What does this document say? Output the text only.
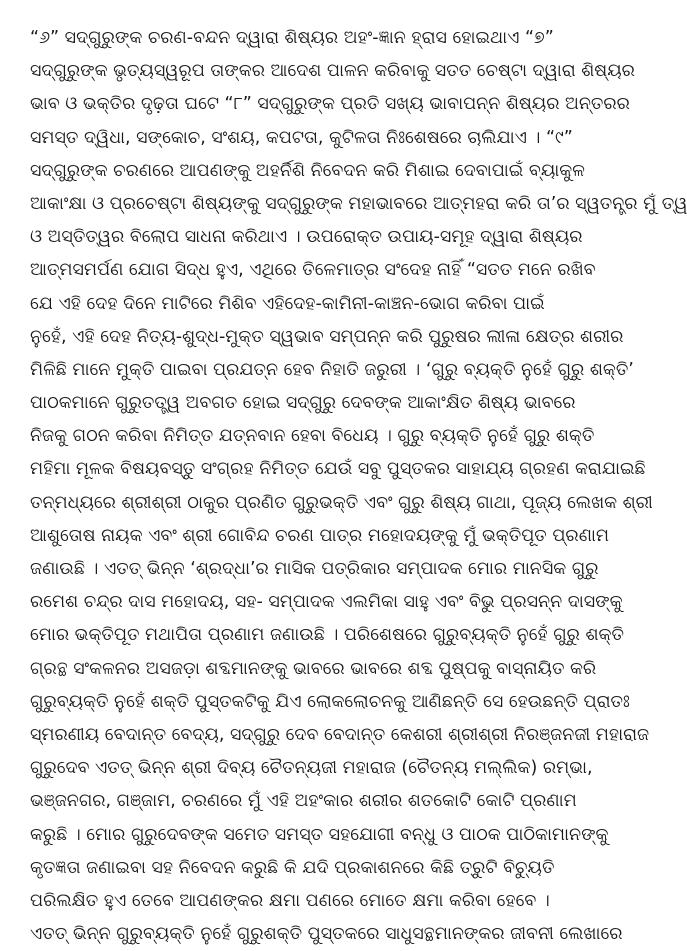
“୬” ସଦ୍‌ଗୁରୁଙ୍କ ଚରଣ-ବନ୍ଦନ ଦ୍ୱାରା ଶିଷ୍ୟର ଅହଂ-ଜ୍ଞାନ ହ୍ରାସ ହୋଇଥାଏ “୭”
ସଦ୍‌ଗୁରୁଙ୍କ ଭୃତ୍ୟସ୍ୱରୂପ ତାଙ୍କର ଆଦେଶ ପାଳନ କରିବାକୁ ସତତ ଚେଷ୍ଟା ଦ୍ୱାରା ଶିଷ୍ୟର
ଭାବ ଓ ଭକ୍ତିର ଦୃଢ଼ତା ଘଟେ “୮” ସଦ୍‌ଗୁରୁଙ୍କ ପ୍ରତି ସଖ୍ୟ ଭାବାପନ୍ନ ଶିଷ୍ୟର ଅନ୍ତରର
ସମସ୍ତ ଦ୍ୱିଧା, ସଙ୍କୋଚ, ସଂଶୟ, କପଟତା, କୁଟିଳତା ନିଃଶେଷରେ ଚାଲିଯାଏ । “୯”
ସଦ୍‌ଗୁରୁଙ୍କ ଚରଣରେ ଆପଣଙ୍କୁ ଅହର୍ନିଶି ନିବେଦନ କରି ମିଶାଇ ଦେବାପାଇଁ ବ୍ୟାକୁଳ
ଆକାଂକ୍ଷା ଓ ପ୍ରଚେଷ୍ଟା ଶିଷ୍ୟଙ୍କୁ ସଦ୍‌ଗୁରୁଙ୍କ ମହାଭାବରେ ଆତ୍ମହରା କରି ତା’ର ସ୍ୱତନ୍ତ୍ର ମୁଁ ତ୍ୱ
ଓ ଅସ୍ତିତ୍ୱର ବିଲୋପ ସାଧନା କରିଥାଏ । ଉପରୋକ୍ତ ଉପାୟ-ସମୂହ ଦ୍ୱାରା ଶିଷ୍ୟର
ଆତ୍ମସମର୍ପଣ ଯୋଗ ସିଦ୍ଧ ହୁଏ, ଏଥିରେ ତିଳେମାତ୍ର ସଂଦେହ ନାହିଁ “ସତତ ମନେ ରଖିବ
ଯେ ଏହି ଦେହ ଦିନେ ମାଟିରେ ମିଶିବ ଏହିଦେହ-କାମିନୀ-କାଞ୍ଚନ-ଭୋଗ କରିବା ପାଇଁ
ନୁହେଁ, ଏହି ଦେହ ନିତ୍ୟ-ଶୁଦ୍ଧ-ମୁକ୍ତ ସ୍ୱଭାବ ସମ୍ପନ୍ନ କରି ପୁରୁଷର ଲୀଳା କ୍ଷେତ୍ର ଶରୀର
ମିଳିଛି ମାନେ ମୁକ୍ତି ପାଇବା ପ୍ରଯତ୍ନ ହେବ ନିହାତି ଜରୁରୀ । ‘ଗୁରୁ ବ୍ୟକ୍ତି ନୁହେଁ ଗୁରୁ ଶକ୍ତି’
ପାଠକମାନେ ଗୁରୁତତ୍ତ୍ୱ ଅବଗତ ହୋଇ ସଦ୍‌ଗୁରୁ ଦେବଙ୍କ ଆକାଂକ୍ଷିତ ଶିଷ୍ୟ ଭାବରେ
ନିଜକୁ ଗଠନ କରିବା ନିମିତ୍ତ ଯତ୍ନବାନ ହେବା ବିଧେୟ । ଗୁରୁ ବ୍ୟକ୍ତି ନୁହେଁ ଗୁରୁ ଶକ୍ତି
ମହିମା ମୂଳକ ବିଷୟବସ୍ତୁ ସଂଗ୍ରହ ନିମିତ୍ତ ଯେଉଁ ସବୁ ପୁସ୍ତକର ସାହାଯ୍ୟ ଗ୍ରହଣ କରାଯାଇଛି
ତନ୍ମଧ୍ୟରେ ଶ୍ରୀଶ୍ରୀ ଠାକୁର ପ୍ରଣିତ ଗୁରୁଭକ୍ତି ଏବଂ ଗୁରୁ ଶିଷ୍ୟ ଗାଥା, ପୂଜ୍ୟ ଲେଖକ ଶ୍ରୀ
ଆଶୁତୋଷ ନାୟକ ଏବଂ ଶ୍ରୀ ଗୋବିନ୍ଦ ଚରଣ ପାତ୍ର ମହୋଦୟଙ୍କୁ ମୁଁ ଭକ୍ତିପୂତ ପ୍ରଣାମ
ଜଣାଉଛି । ଏତତ୍ ଭିନ୍ନ ‘ଶ୍ରଦ୍ଧା’ର ମାସିକ ପତ୍ରିକାର ସମ୍ପାଦକ ମୋର ମାନସିକ ଗୁରୁ
ରମେଶ ଚନ୍ଦ୍ର ଦାସ ମହୋଦୟ, ସହ- ସମ୍ପାଦକ ଏଲମିକା ସାହୁ ଏବଂ ବିଭୁ ପ୍ରସନ୍ନ ଦାସଙ୍କୁ
ମୋର ଭକ୍ତିପୂତ ମଥାପିତା ପ୍ରଣାମ ଜଣାଉଛି । ପରିଶେଷରେ ଗୁରୁବ୍ୟକ୍ତି ନୁହେଁ ଗୁରୁ ଶକ୍ତି
ଗ୍ରନ୍ଥ ସଂକଳନର ଅସଜଡ଼ା ଶବ୍ଦମାନଙ୍କୁ ଭାବରେ ଭାବରେ ଶବ୍ଦ ପୁଷ୍ପକୁ ବାସ୍ନାୟିତ କରି
ଗୁରୁବ୍ୟକ୍ତି ନୁହେଁ ଶକ୍ତି ପୁସ୍ତକଟିକୁ ଯିଏ ଲୋକଲୋଚନକୁ ଆଣିଛନ୍ତି ସେ ହେଉଛନ୍ତି ପ୍ରାତଃ
ସ୍ମରଣୀୟ ବେଦାନ୍ତ ବେଦ୍ୟ, ସଦ୍‌ଗୁରୁ ଦେବ ବେଦାନ୍ତ କେଶରୀ ଶ୍ରୀଶ୍ରୀ ନିରଞ୍ଜନଜୀ ମହାରାଜ
ଗୁରୁଦେବ ଏତତ୍ ଭିନ୍ନ ଶ୍ରୀ ଦିବ୍ୟ ଚୈତନ୍ୟଜୀ ମହାରାଜ (ଚୈତନ୍ୟ ମଲ୍ଲିକ) ରମ୍ଭା,
ଭଞ୍ଜନଗର, ଗଞ୍ଜାମ, ଚରଣରେ ମୁଁ ଏହି ଅହଂକାର ଶରୀର ଶତକୋଟି କୋଟି ପ୍ରଣାମ
କରୁଛି । ମୋର ଗୁରୁଦେବଙ୍କ ସମେତ ସମସ୍ତ ସହଯୋଗୀ ବନ୍ଧୁ ଓ ପାଠକ ପାଠିକାମାନଙ୍କୁ
କୃତଜ୍ଞତା ଜଣାଇବା ସହ ନିବେଦନ କରୁଛି କି ଯଦି ପ୍ରକାଶନରେ କିଛି ତ୍ରୁଟି ବିଚ୍ୟୁତି
ପରିଲକ୍ଷିତ ହୁଏ ତେବେ ଆପଣଙ୍କର କ୍ଷମା ପଣରେ ମୋତେ କ୍ଷମା କରିବା ହେବେ ।
ଏତତ୍ ଭିନ୍ନ ଗୁରୁବ୍ୟକ୍ତି ନୁହେଁ ଗୁରୁଶକ୍ତି ପୁସ୍ତକରେ ସାଧୁସନ୍ଥମାନଙ୍କର ଜୀବନୀ ଲେଖାରେ
